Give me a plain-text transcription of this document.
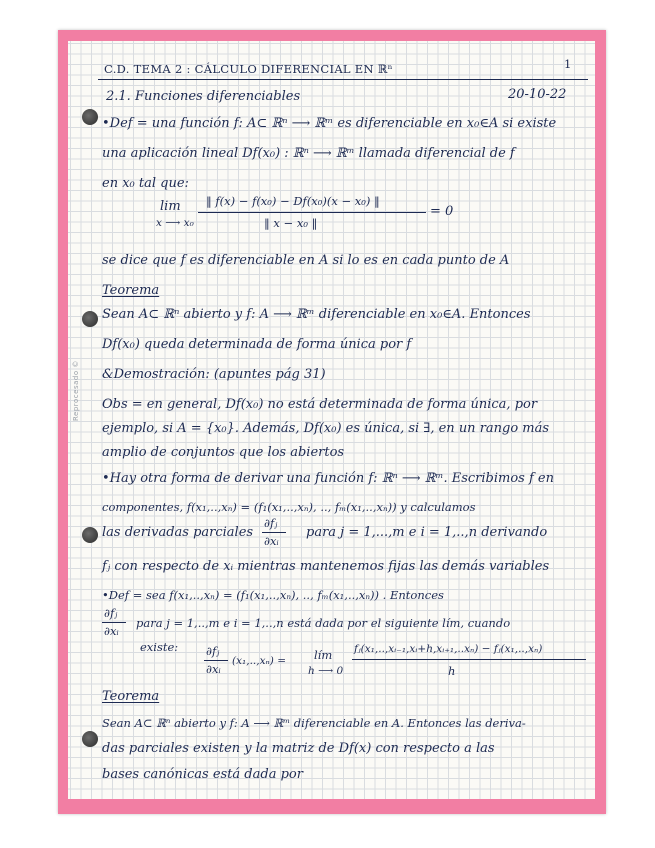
Reprocesado ©
C.D. TEMA 2 : CÁLCULO DIFERENCIAL EN ℝⁿ	1
2.1. Funciones diferenciables	20-10-22
•Def = una función f: A⊂ ℝⁿ ⟶ ℝᵐ es diferenciable en x₀∈A si existe
una aplicación lineal Df(x₀) : ℝⁿ ⟶ ℝᵐ llamada diferencial de f
en x₀ tal que:
lim
x ⟶ x₀
‖ f(x) − f(x₀) − Df(x₀)(x − x₀) ‖
‖ x − x₀ ‖
= 0
se dice que f es diferenciable en A si lo es en cada punto de A
Teorema
Sean A⊂ ℝⁿ abierto y f: A ⟶ ℝᵐ diferenciable en x₀∈A. Entonces
Df(x₀) queda determinada de forma única por f
&Demostración: (apuntes pág 31)
Obs = en general, Df(x₀) no está determinada de forma única, por
ejemplo, si A = {x₀}. Además, Df(x₀) es única, si ∃, en un rango más
amplio de conjuntos que los abiertos
•Hay otra forma de derivar una función f: ℝⁿ ⟶ ℝᵐ. Escribimos f en
componentes, f(x₁,..,xₙ) = (f₁(x₁,..,xₙ), .., fₘ(x₁,..,xₙ)) y calculamos
las derivadas parciales
∂fⱼ
∂xᵢ
para j = 1,...,m e i = 1,..,n derivando
fⱼ con respecto de xᵢ mientras mantenemos fijas las demás variables
•Def = sea f(x₁,..,xₙ) = (f₁(x₁,..,xₙ), .., fₘ(x₁,..,xₙ)) . Entonces
∂fⱼ
∂xᵢ
para j = 1,..,m e i = 1,..,n está dada por el siguiente lím, cuando
existe: ∂fⱼ
∂xᵢ
(x₁,..,xₙ) = lím
h ⟶ 0
fⱼ(x₁,..,xᵢ₋₁,xᵢ+h,xᵢ₊₁,..xₙ) − fⱼ(x₁,..,xₙ)
h
Teorema
Sean A⊂ ℝⁿ abierto y f: A ⟶ ℝᵐ diferenciable en A. Entonces las deriva-
das parciales existen y la matriz de Df(x) con respecto a las
bases canónicas está dada por
